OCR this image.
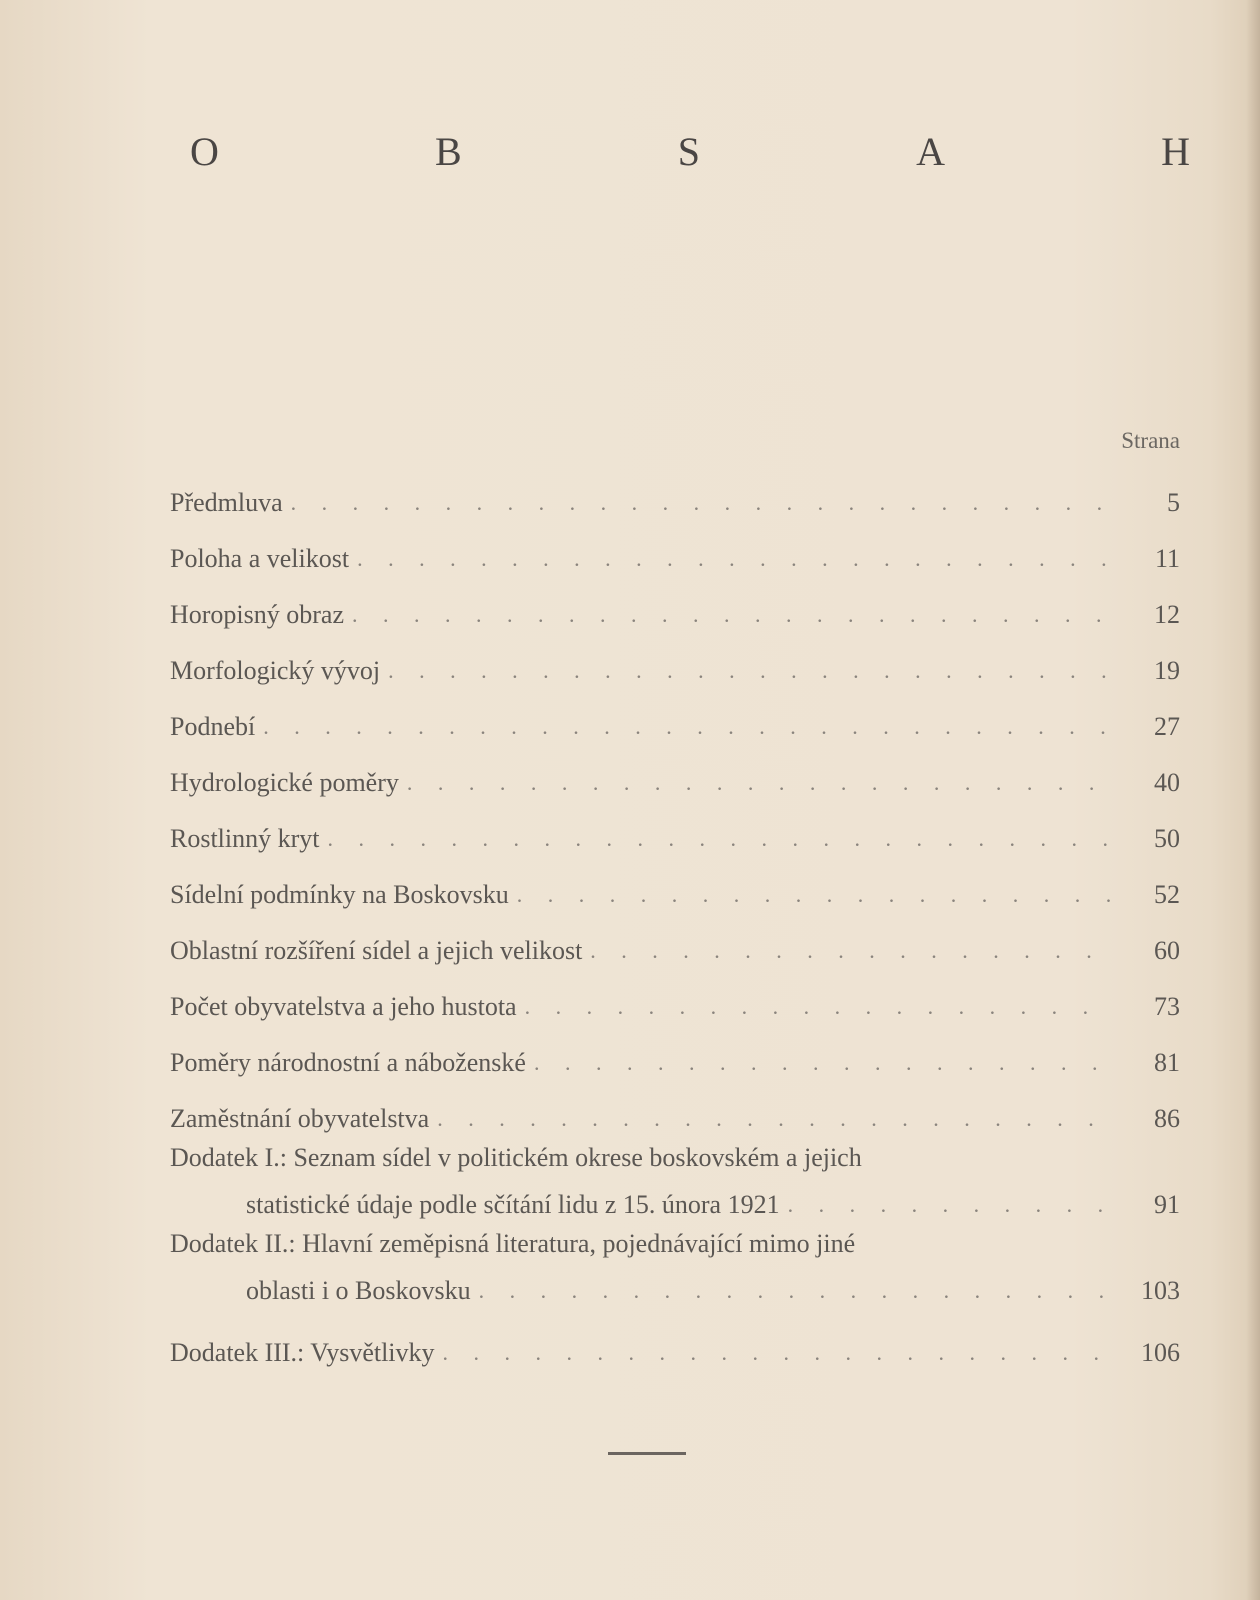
O	B	S	A	H
Strana
Předmluva . . .	5
Poloha a velikost . . .	11
Horopisný obraz . . .	12
Morfologický vývoj . . .	19
Podnebí . . .	27
Hydrologické poměry . . .	40
Rostlinný kryt . . .	50
Sídelní podmínky na Boskovsku . . .	52
Oblastní rozšíření sídel a jejich velikost . . .	60
Počet obyvatelstva a jeho hustota . . .	73
Poměry národnostní a náboženské . . .	81
Zaměstnání obyvatelstva . . .	86
Dodatek I.: Seznam sídel v politickém okrese boskovském a jejich
statistické údaje podle sčítání lidu z 15. února 1921 . . .	91
Dodatek II.: Hlavní zeměpisná literatura, pojednávající mimo jiné
oblasti i o Boskovsku . . .	103
Dodatek III.: Vysvětlivky . . .	106
